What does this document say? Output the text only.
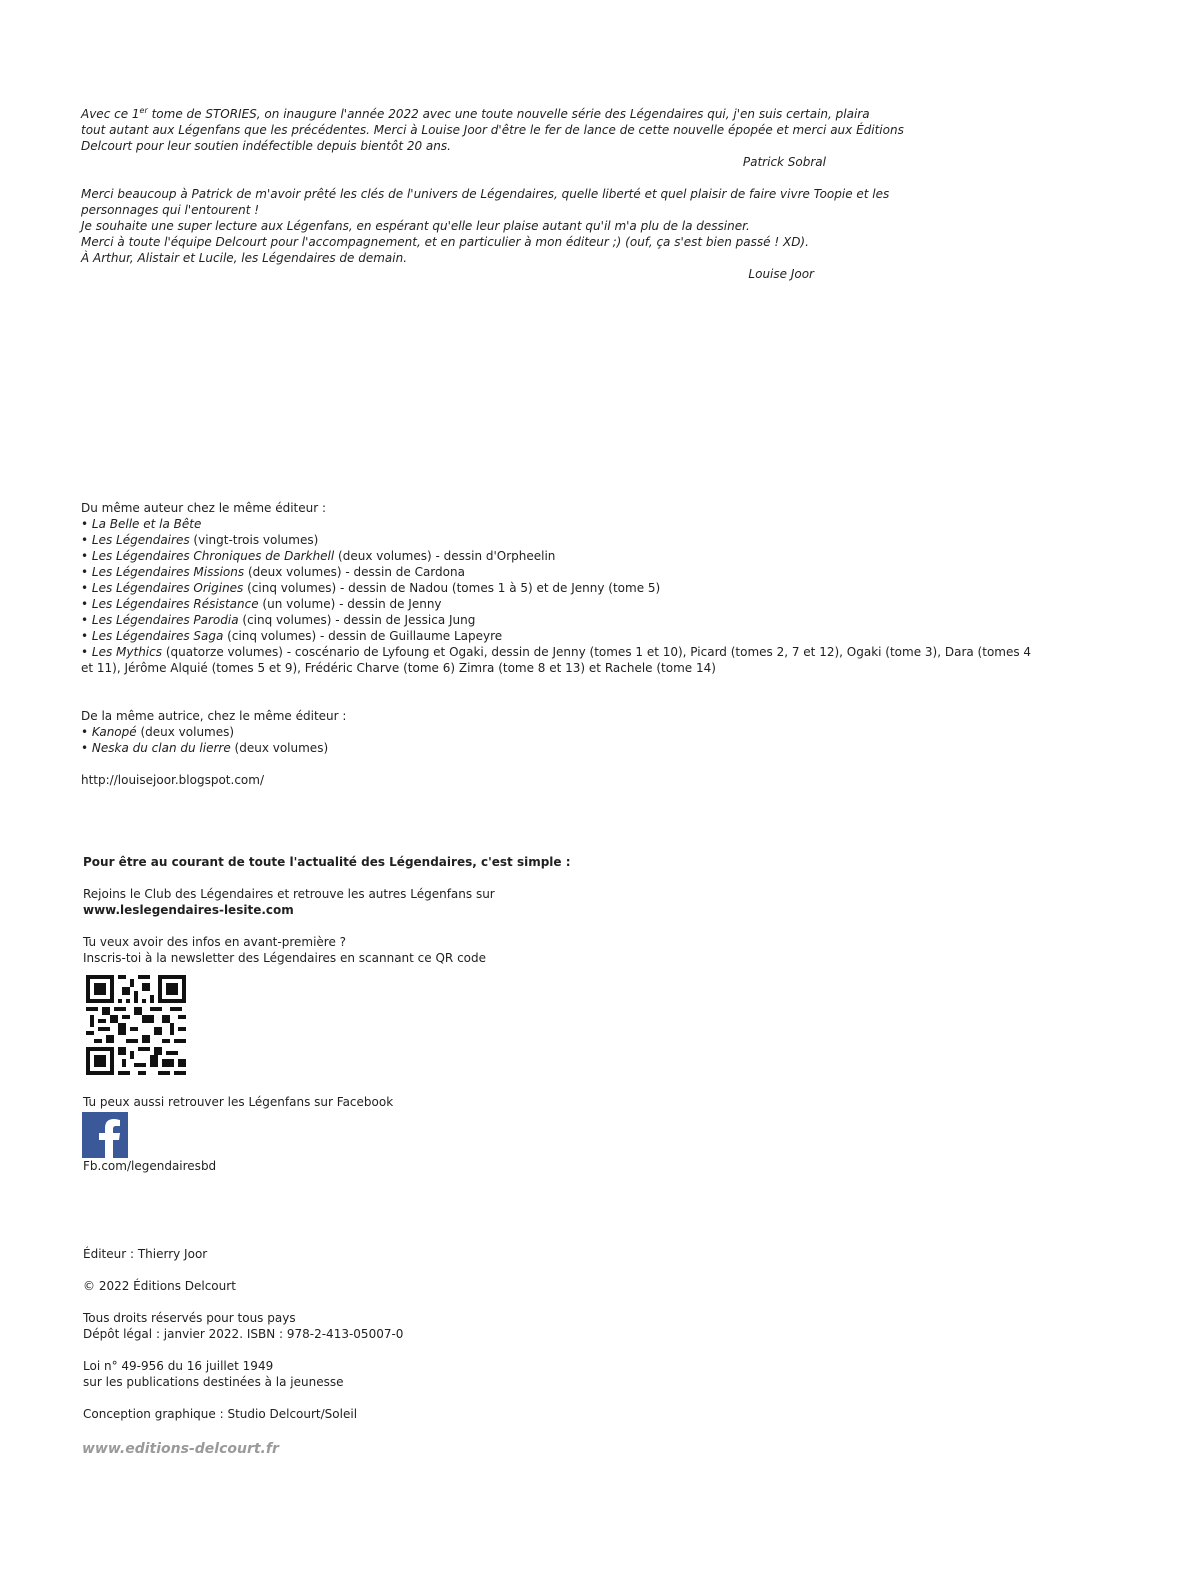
Avec ce 1er tome de STORIES, on inaugure l'année 2022 avec une toute nouvelle série des Légendaires qui, j'en suis certain, plaira

tout autant aux Légenfans que les précédentes. Merci à Louise Joor d'être le fer de lance de cette nouvelle épopée et merci aux Éditions

Delcourt pour leur soutien indéfectible depuis bientôt 20 ans.

Patrick Sobral

Merci beaucoup à Patrick de m'avoir prêté les clés de l'univers de Légendaires, quelle liberté et quel plaisir de faire vivre Toopie et les

personnages qui l'entourent !

Je souhaite une super lecture aux Légenfans, en espérant qu'elle leur plaise autant qu'il m'a plu de la dessiner.

Merci à toute l'équipe Delcourt pour l'accompagnement, et en particulier à mon éditeur ;) (ouf, ça s'est bien passé ! XD).

À Arthur, Alistair et Lucile, les Légendaires de demain.

Louise Joor

Du même auteur chez le même éditeur :

• La Belle et la Bête

• Les Légendaires (vingt-trois volumes)

• Les Légendaires Chroniques de Darkhell (deux volumes) - dessin d'Orpheelin

• Les Légendaires Missions (deux volumes) - dessin de Cardona

• Les Légendaires Origines (cinq volumes) - dessin de Nadou (tomes 1 à 5) et de Jenny (tome 5)

• Les Légendaires Résistance (un volume) - dessin de Jenny

• Les Légendaires Parodia (cinq volumes) - dessin de Jessica Jung

• Les Légendaires Saga (cinq volumes) - dessin de Guillaume Lapeyre

• Les Mythics (quatorze volumes) - coscénario de Lyfoung et Ogaki, dessin de Jenny (tomes 1 et 10), Picard (tomes 2, 7 et 12), Ogaki (tome 3), Dara (tomes 4

et 11), Jérôme Alquié (tomes 5 et 9), Frédéric Charve (tome 6) Zimra (tome 8 et 13) et Rachele (tome 14)

De la même autrice, chez le même éditeur :

• Kanopé (deux volumes)

• Neska du clan du lierre (deux volumes)

http://louisejoor.blogspot.com/

Pour être au courant de toute l'actualité des Légendaires, c'est simple :

Rejoins le Club des Légendaires et retrouve les autres Légenfans sur

www.leslegendaires-lesite.com

Tu veux avoir des infos en avant-première ?

Inscris-toi à la newsletter des Légendaires en scannant ce QR code

Tu peux aussi retrouver les Légenfans sur Facebook
Fb.com/legendairesbd

Éditeur : Thierry Joor

© 2022 Éditions Delcourt

Tous droits réservés pour tous pays

Dépôt légal : janvier 2022. ISBN : 978-2-413-05007-0

Loi n° 49-956 du 16 juillet 1949

sur les publications destinées à la jeunesse

Conception graphique : Studio Delcourt/Soleil

www.editions-delcourt.fr
